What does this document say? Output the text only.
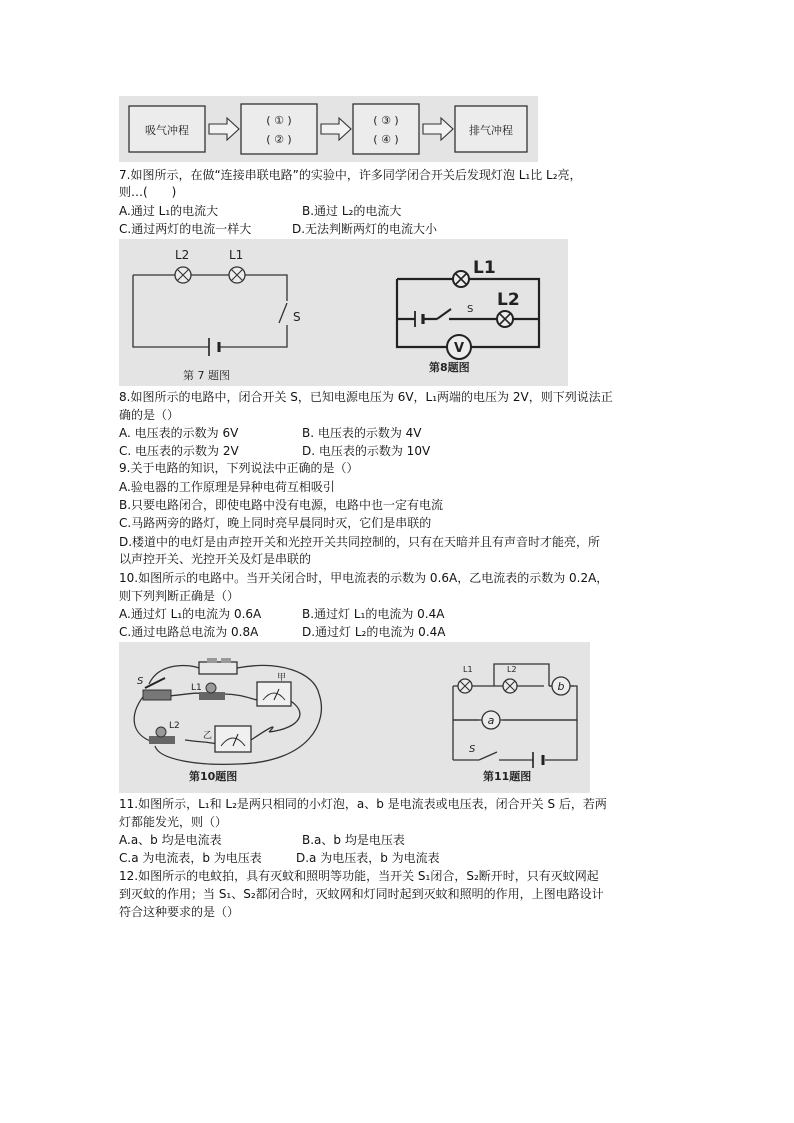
吸气冲程
( ① )
( ② )
( ③ )
( ④ )
排气冲程
7.如图所示，在做“连接串联电路”的实验中，许多同学闭合开关后发现灯泡 L₁比 L₂亮，
则…(　　)
A.通过 L₁的电流大	B.通过 L₂的电流大
C.通过两灯的电流一样大	D.无法判断两灯的电流大小
L2	L1
S
第 7 题图
V
L1
L2
S
第8题图
8.如图所示的电路中，闭合开关 S，已知电源电压为 6V，L₁两端的电压为 2V，则下列说法正
确的是（）
A. 电压表的示数为 6V	B. 电压表的示数为 4V
C. 电压表的示数为 2V	D. 电压表的示数为 10V
9.关于电路的知识，下列说法中正确的是（）
A.验电器的工作原理是异种电荷互相吸引
B.只要电路闭合，即使电路中没有电源，电路中也一定有电流
C.马路两旁的路灯，晚上同时亮早晨同时灭，它们是串联的
D.楼道中的电灯是由声控开关和光控开关共同控制的，只有在天暗并且有声音时才能亮，所
以声控开关、光控开关及灯是串联的
10.如图所示的电路中。当开关闭合时，甲电流表的示数为 0.6A，乙电流表的示数为 0.2A，
则下列判断正确是（）
A.通过灯 L₁的电流为 0.6A	B.通过灯 L₁的电流为 0.4A
C.通过电路总电流为 0.8A	D.通过灯 L₂的电流为 0.4A
S
L1
L2
甲
乙
第10题图
b
a
L1	L2
S
第11题图
11.如图所示，L₁和 L₂是两只相同的小灯泡，a、b 是电流表或电压表，闭合开关 S 后，若两
灯都能发光，则（）
A.a、b 均是电流表	B.a、b 均是电压表
C.a 为电流表，b 为电压表	D.a 为电压表，b 为电流表
12.如图所示的电蚊拍，具有灭蚊和照明等功能，当开关 S₁闭合，S₂断开时，只有灭蚊网起
到灭蚊的作用；当 S₁、S₂都闭合时，灭蚊网和灯同时起到灭蚊和照明的作用，上图电路设计
符合这种要求的是（）
